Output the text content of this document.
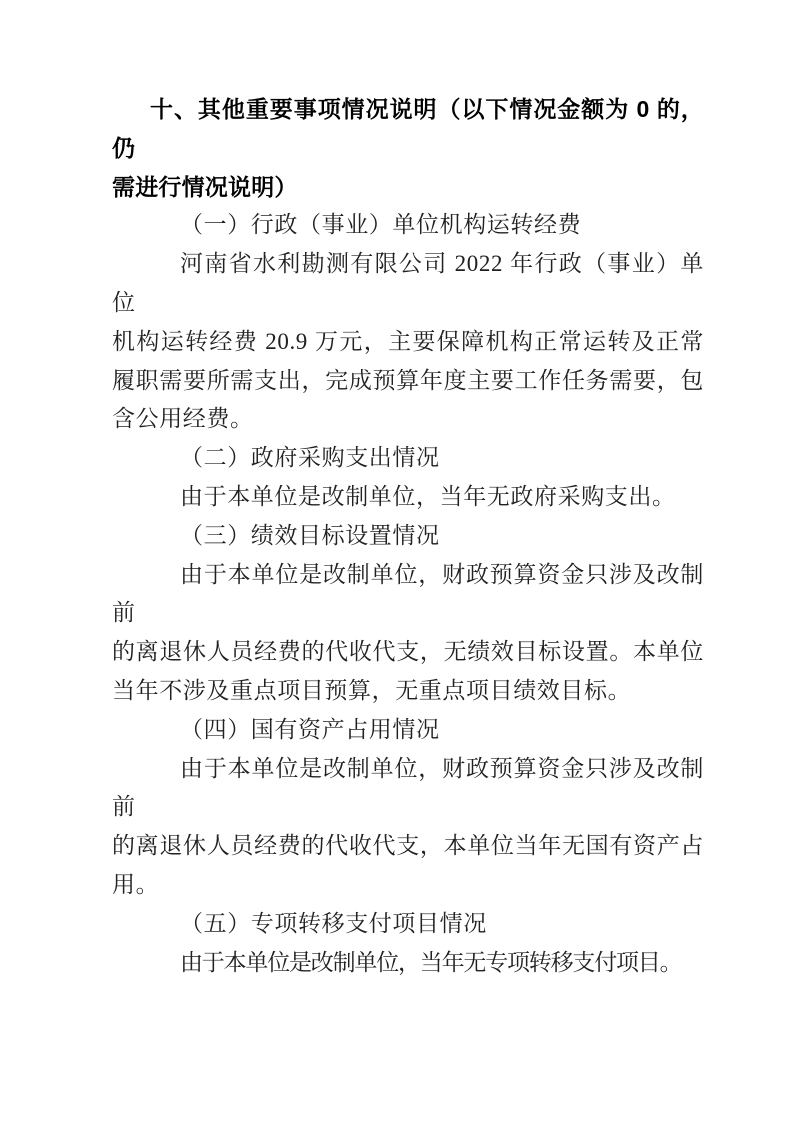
十、其他重要事项情况说明（以下情况金额为 0 的，仍

需进行情况说明）

（一）行政（事业）单位机构运转经费

河南省水利勘测有限公司 2022 年行政（事业）单位

机构运转经费 20.9 万元，主要保障机构正常运转及正常

履职需要所需支出，完成预算年度主要工作任务需要，包

含公用经费。

（二）政府采购支出情况

由于本单位是改制单位，当年无政府采购支出。

（三）绩效目标设置情况

由于本单位是改制单位，财政预算资金只涉及改制前

的离退休人员经费的代收代支，无绩效目标设置。本单位

当年不涉及重点项目预算，无重点项目绩效目标。

（四）国有资产占用情况

由于本单位是改制单位，财政预算资金只涉及改制前

的离退休人员经费的代收代支，本单位当年无国有资产占

用。

（五）专项转移支付项目情况

由于本单位是改制单位，当年无专项转移支付项目。
